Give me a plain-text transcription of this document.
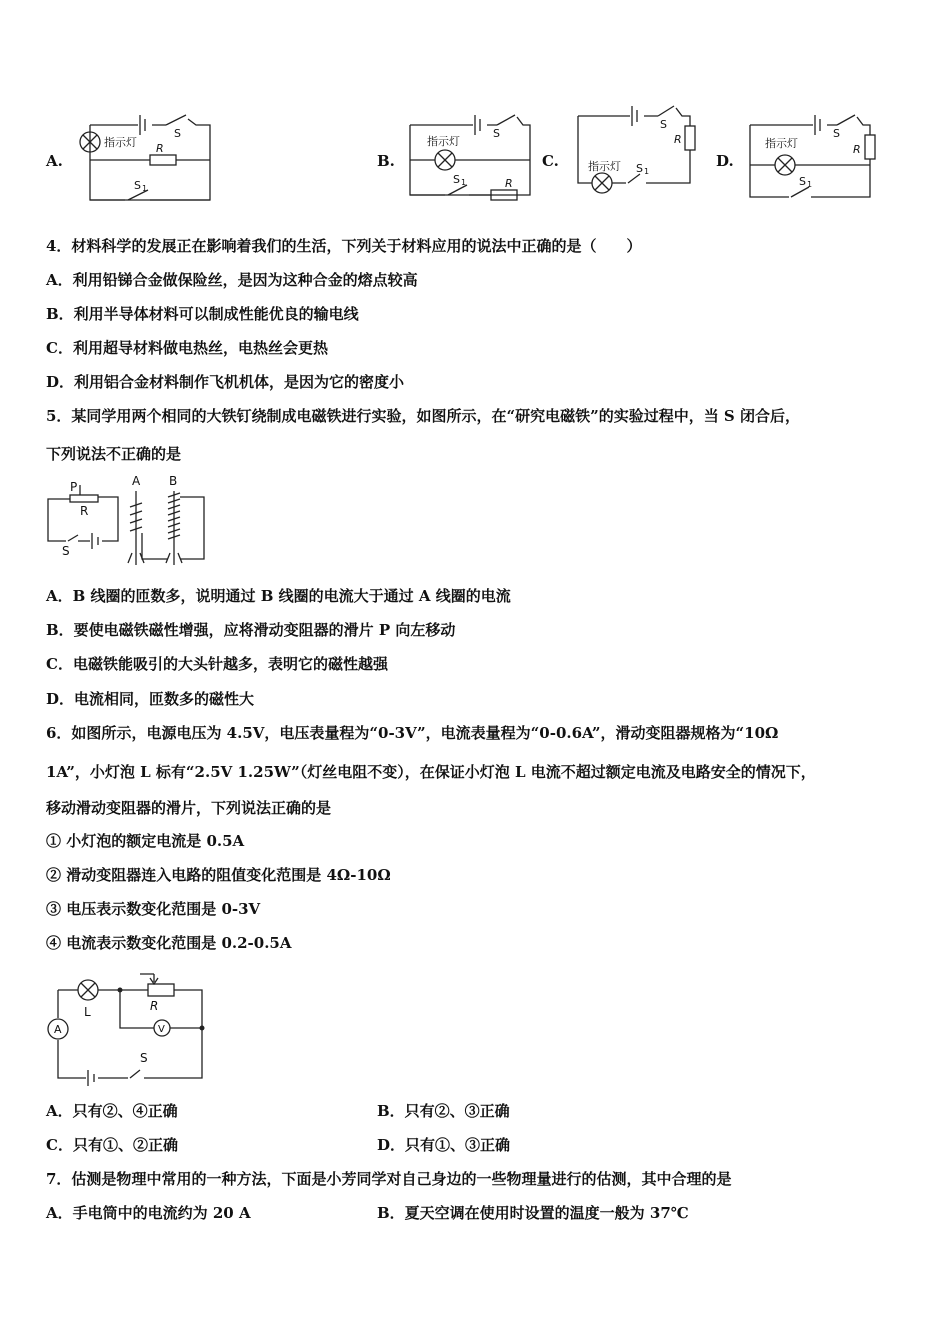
A.
指示灯 R
S
S 1
B.
S
指示灯
R
S 1
C.
R
S
指示灯 S 1
D.
R
S
指示灯
S 1
4．材料科学的发展正在影响着我们的生活，下列关于材料应用的说法中正确的是（　　）
A．利用铅锑合金做保险丝，是因为这种合金的熔点较高
B．利用半导体材料可以制成性能优良的输电线
C．利用超导材料做电热丝，电热丝会更热
D．利用铝合金材料制作飞机机体，是因为它的密度小
5．某同学用两个相同的大铁钉绕制成电磁铁进行实验，如图所示，在“研究电磁铁”的实验过程中，当 S 闭合后，
下列说法不正确的是
P
R
S
A B
A．B 线圈的匝数多，说明通过 B 线圈的电流大于通过 A 线圈的电流
B．要使电磁铁磁性增强，应将滑动变阻器的滑片 P 向左移动
C．电磁铁能吸引的大头针越多，表明它的磁性越强
D．电流相同，匝数多的磁性大
6．如图所示，电源电压为 4.5V，电压表量程为“0-3V”，电流表量程为“0-0.6A”，滑动变阻器规格为“10Ω
1A”，小灯泡 L 标有“2.5V 1.25W”（灯丝电阻不变），在保证小灯泡 L 电流不超过额定电流及电路安全的情况下，
移动滑动变阻器的滑片，下列说法正确的是
① 小灯泡的额定电流是 0.5A
② 滑动变阻器连入电路的阻值变化范围是 4Ω-10Ω
③ 电压表示数变化范围是 0-3V
④ 电流表示数变化范围是 0.2-0.5A
L	R
V
A
S
A．只有②、④正确	B．只有②、③正确
C．只有①、②正确	D．只有①、③正确
7．估测是物理中常用的一种方法，下面是小芳同学对自己身边的一些物理量进行的估测，其中合理的是
A．手电筒中的电流约为 20 A	B．夏天空调在使用时设置的温度一般为 37℃
